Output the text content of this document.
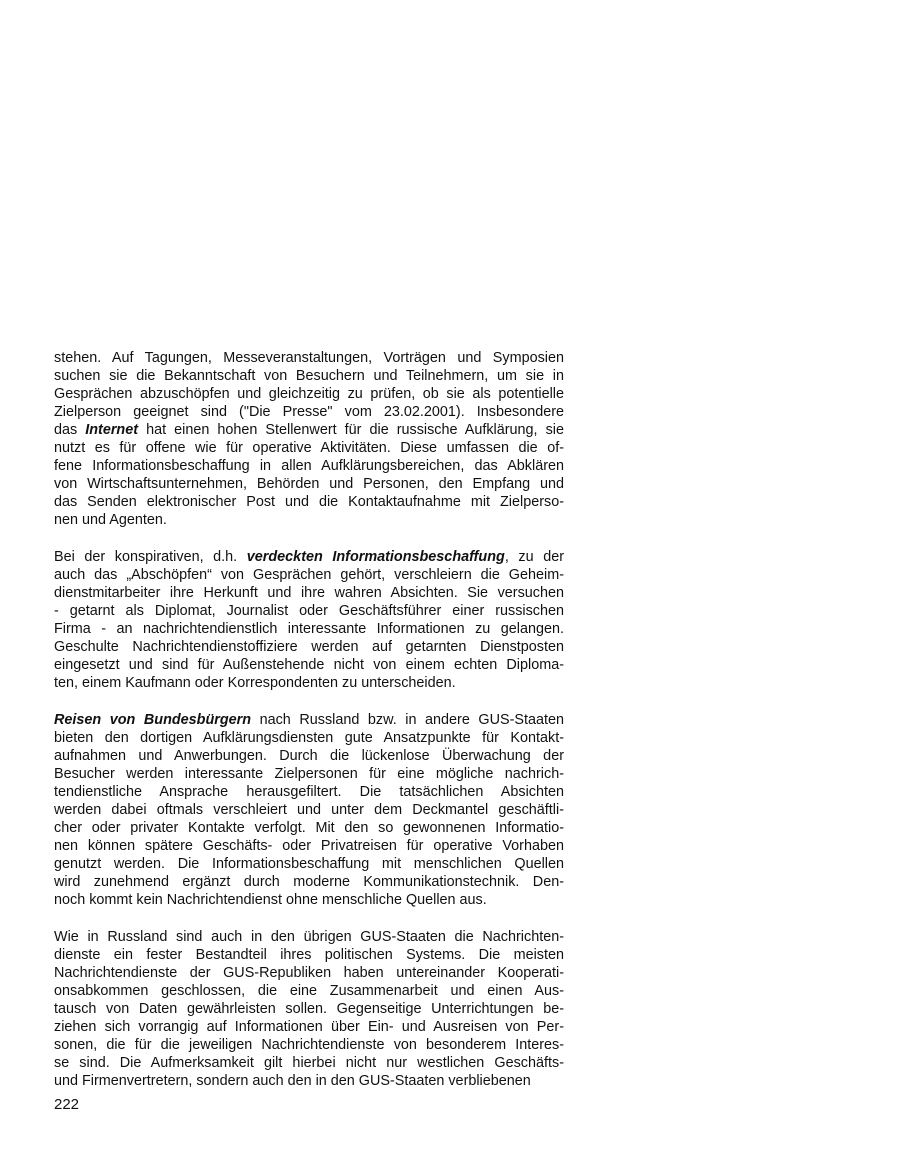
stehen. Auf Tagungen, Messeveranstaltungen, Vorträgen und Symposien
suchen sie die Bekanntschaft von Besuchern und Teilnehmern, um sie in
Gesprächen abzuschöpfen und gleichzeitig zu prüfen, ob sie als potentielle
Zielperson geeignet sind ("Die Presse" vom 23.02.2001). Insbesondere
das Internet hat einen hohen Stellenwert für die russische Aufklärung, sie
nutzt es für offene wie für operative Aktivitäten. Diese umfassen die of-
fene Informationsbeschaffung in allen Aufklärungsbereichen, das Abklären
von Wirtschaftsunternehmen, Behörden und Personen, den Empfang und
das Senden elektronischer Post und die Kontaktaufnahme mit Zielperso-
nen und Agenten.
Bei der konspirativen, d.h. verdeckten Informationsbeschaffung, zu der
auch das „Abschöpfen“ von Gesprächen gehört, verschleiern die Geheim-
dienstmitarbeiter ihre Herkunft und ihre wahren Absichten. Sie versuchen
- getarnt als Diplomat, Journalist oder Geschäftsführer einer russischen
Firma - an nachrichtendienstlich interessante Informationen zu gelangen.
Geschulte Nachrichtendienstoffiziere werden auf getarnten Dienstposten
eingesetzt und sind für Außenstehende nicht von einem echten Diploma-
ten, einem Kaufmann oder Korrespondenten zu unterscheiden.
Reisen von Bundesbürgern nach Russland bzw. in andere GUS-Staaten
bieten den dortigen Aufklärungsdiensten gute Ansatzpunkte für Kontakt-
aufnahmen und Anwerbungen. Durch die lückenlose Überwachung der
Besucher werden interessante Zielpersonen für eine mögliche nachrich-
tendienstliche Ansprache herausgefiltert. Die tatsächlichen Absichten
werden dabei oftmals verschleiert und unter dem Deckmantel geschäftli-
cher oder privater Kontakte verfolgt. Mit den so gewonnenen Informatio-
nen können spätere Geschäfts- oder Privatreisen für operative Vorhaben
genutzt werden. Die Informationsbeschaffung mit menschlichen Quellen
wird zunehmend ergänzt durch moderne Kommunikationstechnik. Den-
noch kommt kein Nachrichtendienst ohne menschliche Quellen aus.
Wie in Russland sind auch in den übrigen GUS-Staaten die Nachrichten-
dienste ein fester Bestandteil ihres politischen Systems. Die meisten
Nachrichtendienste der GUS-Republiken haben untereinander Kooperati-
onsabkommen geschlossen, die eine Zusammenarbeit und einen Aus-
tausch von Daten gewährleisten sollen. Gegenseitige Unterrichtungen be-
ziehen sich vorrangig auf Informationen über Ein- und Ausreisen von Per-
sonen, die für die jeweiligen Nachrichtendienste von besonderem Interes-
se sind. Die Aufmerksamkeit gilt hierbei nicht nur westlichen Geschäfts-
und Firmenvertretern, sondern auch den in den GUS-Staaten verbliebenen
222
